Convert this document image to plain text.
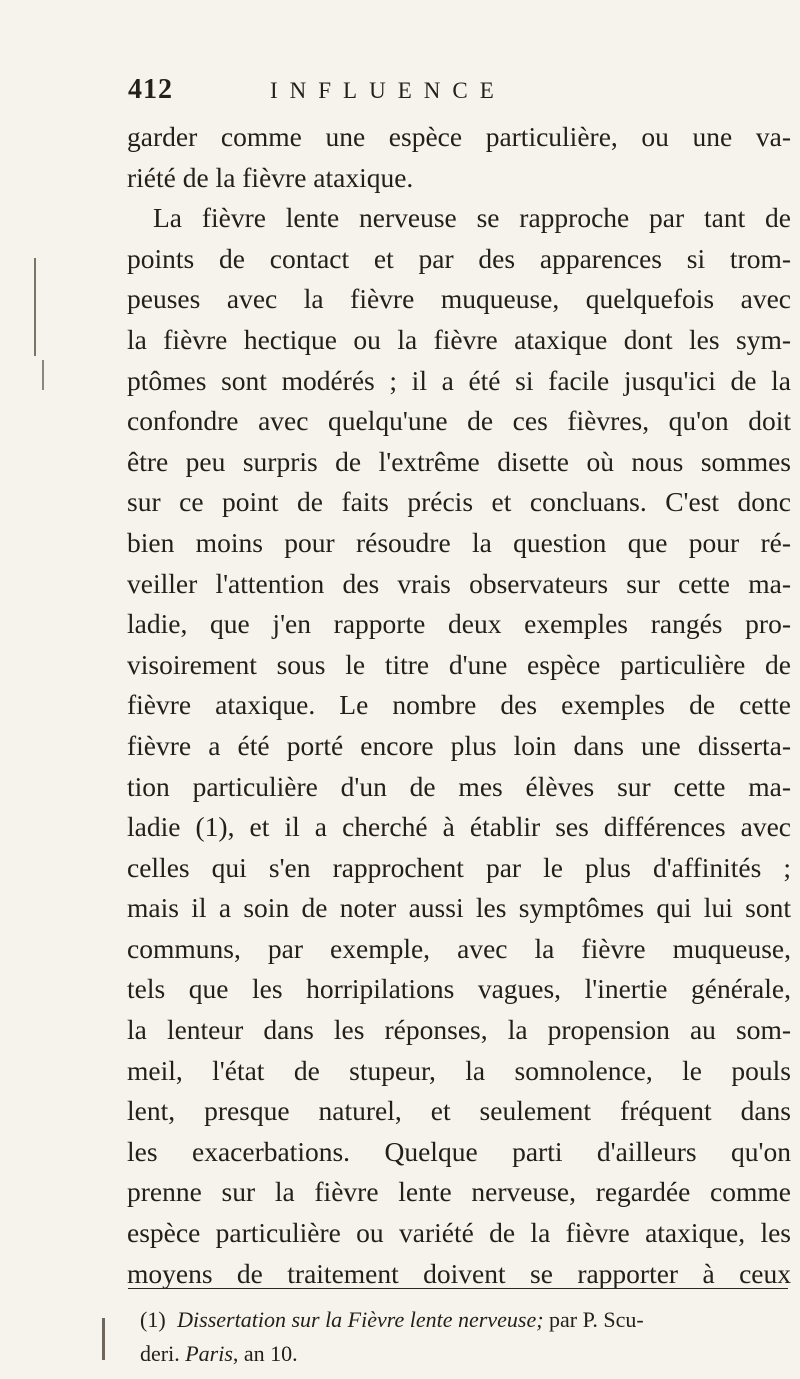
412	INFLUENCE
garder comme une espèce particulière, ou une va-
riété de la fièvre ataxique.
La fièvre lente nerveuse se rapproche par tant de
points de contact et par des apparences si trom-
peuses avec la fièvre muqueuse, quelquefois avec
la fièvre hectique ou la fièvre ataxique dont les sym-
ptômes sont modérés ; il a été si facile jusqu'ici de la
confondre avec quelqu'une de ces fièvres, qu'on doit
être peu surpris de l'extrême disette où nous sommes
sur ce point de faits précis et concluans. C'est donc
bien moins pour résoudre la question que pour ré-
veiller l'attention des vrais observateurs sur cette ma-
ladie, que j'en rapporte deux exemples rangés pro-
visoirement sous le titre d'une espèce particulière de
fièvre ataxique. Le nombre des exemples de cette
fièvre a été porté encore plus loin dans une disserta-
tion particulière d'un de mes élèves sur cette ma-
ladie (1), et il a cherché à établir ses différences avec
celles qui s'en rapprochent par le plus d'affinités ;
mais il a soin de noter aussi les symptômes qui lui sont
communs, par exemple, avec la fièvre muqueuse,
tels que les horripilations vagues, l'inertie générale,
la lenteur dans les réponses, la propension au som-
meil, l'état de stupeur, la somnolence, le pouls
lent, presque naturel, et seulement fréquent dans
les exacerbations. Quelque parti d'ailleurs qu'on
prenne sur la fièvre lente nerveuse, regardée comme
espèce particulière ou variété de la fièvre ataxique, les
moyens de traitement doivent se rapporter à ceux
(1) Dissertation sur la Fièvre lente nerveuse; par P. Scu-
deri. Paris, an 10.
